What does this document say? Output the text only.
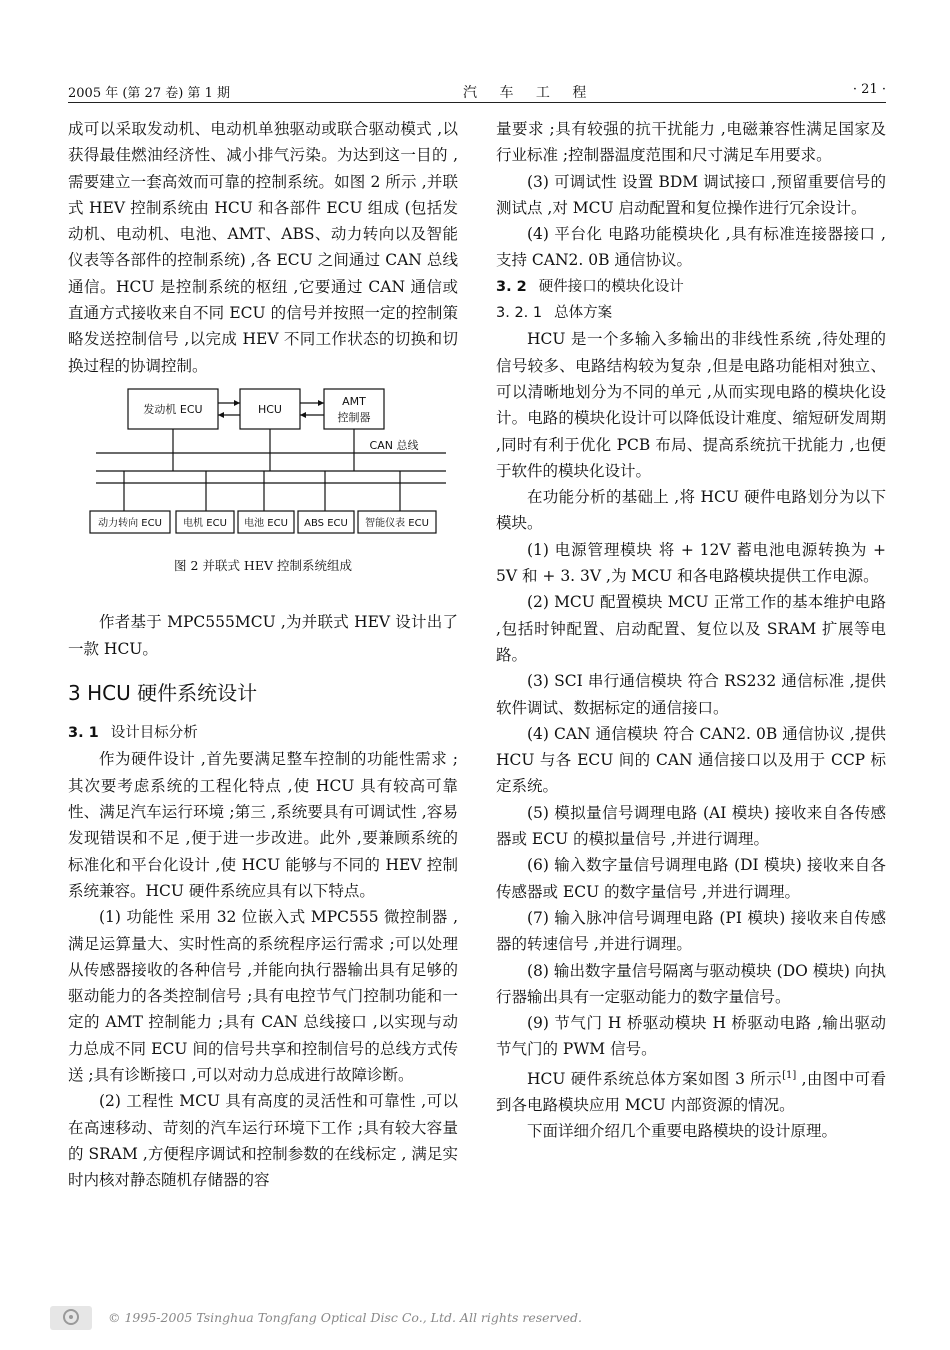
2005 年 (第 27 卷) 第 1 期	汽 车 工 程	· 21 ·

成可以采取发动机、电动机单独驱动或联合驱动模式 ,以获得最佳燃油经济性、减小排气污染。为达到这一目的 ,需要建立一套高效而可靠的控制系统。如图 2 所示 ,并联式 HEV 控制系统由 HCU 和各部件 ECU 组成 (包括发动机、电动机、电池、AMT、ABS、动力转向以及智能仪表等各部件的控制系统) ,各 ECU 之间通过 CAN 总线通信。HCU 是控制系统的枢纽 ,它要通过 CAN 通信或直通方式接收来自不同 ECU 的信号并按照一定的控制策略发送控制信号 ,以完成 HEV 不同工作状态的切换和切换过程的协调控制。

发动机 ECU	HCU
AMT
控制器
CAN 总线
动力转向 ECU 电机 ECU 电池 ECU ABS ECU 智能仪表 ECU
图 2 并联式 HEV 控制系统组成

作者基于 MPC555MCU ,为并联式 HEV 设计出了一款 HCU。

3 HCU 硬件系统设计

3. 1 设计目标分析

作为硬件设计 ,首先要满足整车控制的功能性需求 ;其次要考虑系统的工程化特点 ,使 HCU 具有较高可靠性、满足汽车运行环境 ;第三 ,系统要具有可调试性 ,容易发现错误和不足 ,便于进一步改进。此外 ,要兼顾系统的标准化和平台化设计 ,使 HCU 能够与不同的 HEV 控制系统兼容。HCU 硬件系统应具有以下特点。

(1) 功能性 采用 32 位嵌入式 MPC555 微控制器 ,满足运算量大、实时性高的系统程序运行需求 ;可以处理从传感器接收的各种信号 ,并能向执行器输出具有足够的驱动能力的各类控制信号 ;具有电控节气门控制功能和一定的 AMT 控制能力 ;具有 CAN 总线接口 ,以实现与动力总成不同 ECU 间的信号共享和控制信号的总线方式传送 ;具有诊断接口 ,可以对动力总成进行故障诊断。

(2) 工程性 MCU 具有高度的灵活性和可靠性 ,可以在高速移动、苛刻的汽车运行环境下工作 ;具有较大容量的 SRAM ,方便程序调试和控制参数的在线标定 , 满足实时内核对静态随机存储器的容

量要求 ;具有较强的抗干扰能力 ,电磁兼容性满足国家及行业标准 ;控制器温度范围和尺寸满足车用要求。

(3) 可调试性 设置 BDM 调试接口 ,预留重要信号的测试点 ,对 MCU 启动配置和复位操作进行冗余设计。

(4) 平台化 电路功能模块化 ,具有标准连接器接口 ,支持 CAN2. 0B 通信协议。

3. 2 硬件接口的模块化设计

3. 2. 1 总体方案

HCU 是一个多输入多输出的非线性系统 ,待处理的信号较多、电路结构较为复杂 ,但是电路功能相对独立、可以清晰地划分为不同的单元 ,从而实现电路的模块化设计。电路的模块化设计可以降低设计难度、缩短研发周期 ,同时有利于优化 PCB 布局、提高系统抗干扰能力 ,也便于软件的模块化设计。

在功能分析的基础上 ,将 HCU 硬件电路划分为以下模块。

(1) 电源管理模块 将 + 12V 蓄电池电源转换为 + 5V 和 + 3. 3V ,为 MCU 和各电路模块提供工作电源。

(2) MCU 配置模块 MCU 正常工作的基本维护电路 ,包括时钟配置、启动配置、复位以及 SRAM 扩展等电路。

(3) SCI 串行通信模块 符合 RS232 通信标准 ,提供软件调试、数据标定的通信接口。

(4) CAN 通信模块 符合 CAN2. 0B 通信协议 ,提供 HCU 与各 ECU 间的 CAN 通信接口以及用于 CCP 标定系统。

(5) 模拟量信号调理电路 (AI 模块) 接收来自各传感器或 ECU 的模拟量信号 ,并进行调理。

(6) 输入数字量信号调理电路 (DI 模块) 接收来自各传感器或 ECU 的数字量信号 ,并进行调理。

(7) 输入脉冲信号调理电路 (PI 模块) 接收来自传感器的转速信号 ,并进行调理。

(8) 输出数字量信号隔离与驱动模块 (DO 模块) 向执行器输出具有一定驱动能力的数字量信号。

(9) 节气门 H 桥驱动模块 H 桥驱动电路 ,输出驱动节气门的 PWM 信号。

HCU 硬件系统总体方案如图 3 所示[1] ,由图中可看到各电路模块应用 MCU 内部资源的情况。

下面详细介绍几个重要电路模块的设计原理。

© 1995-2005 Tsinghua Tongfang Optical Disc Co., Ltd. All rights reserved.
